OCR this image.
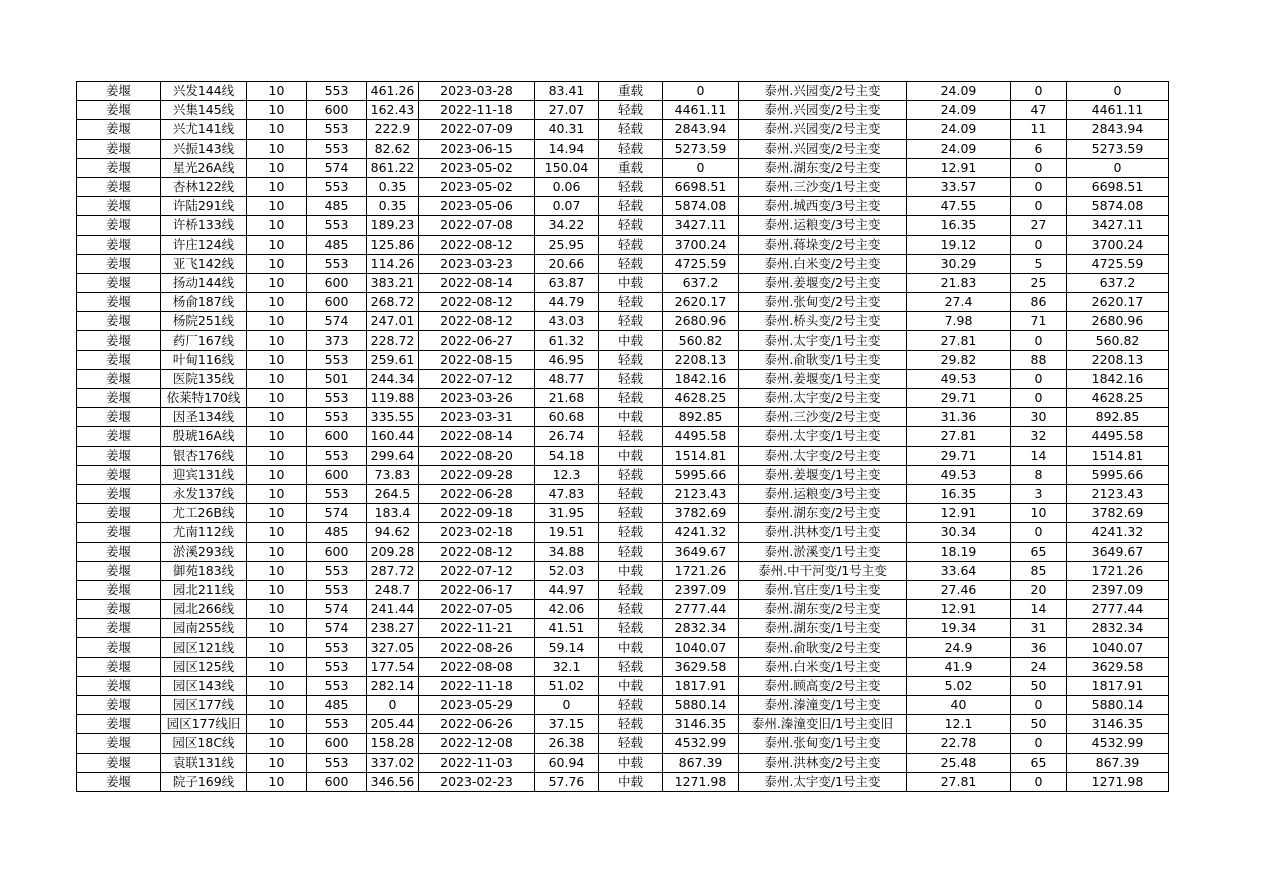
姜堰	兴发144线	10	553	461.26	2023-03-28	83.41	重载	0	泰州.兴园变/2号主变	24.09	0	0
姜堰	兴集145线	10	600	162.43	2022-11-18	27.07	轻载	4461.11	泰州.兴园变/2号主变	24.09	47	4461.11
姜堰	兴尤141线	10	553	222.9	2022-07-09	40.31	轻载	2843.94	泰州.兴园变/2号主变	24.09	11	2843.94
姜堰	兴振143线	10	553	82.62	2023-06-15	14.94	轻载	5273.59	泰州.兴园变/2号主变	24.09	6	5273.59
姜堰	星光26A线	10	574	861.22	2023-05-02	150.04	重载	0	泰州.湖东变/2号主变	12.91	0	0
姜堰	杏林122线	10	553	0.35	2023-05-02	0.06	轻载	6698.51	泰州.三沙变/1号主变	33.57	0	6698.51
姜堰	许陆291线	10	485	0.35	2023-05-06	0.07	轻载	5874.08	泰州.城西变/3号主变	47.55	0	5874.08
姜堰	许桥133线	10	553	189.23	2022-07-08	34.22	轻载	3427.11	泰州.运粮变/3号主变	16.35	27	3427.11
姜堰	许庄124线	10	485	125.86	2022-08-12	25.95	轻载	3700.24	泰州.蒋垛变/2号主变	19.12	0	3700.24
姜堰	亚飞142线	10	553	114.26	2023-03-23	20.66	轻载	4725.59	泰州.白米变/2号主变	30.29	5	4725.59
姜堰	扬动144线	10	600	383.21	2022-08-14	63.87	中载	637.2	泰州.姜堰变/2号主变	21.83	25	637.2
姜堰	杨俞187线	10	600	268.72	2022-08-12	44.79	轻载	2620.17	泰州.张甸变/2号主变	27.4	86	2620.17
姜堰	杨院251线	10	574	247.01	2022-08-12	43.03	轻载	2680.96	泰州.桥头变/2号主变	7.98	71	2680.96
姜堰	药厂167线	10	373	228.72	2022-06-27	61.32	中载	560.82	泰州.太宇变/1号主变	27.81	0	560.82
姜堰	叶甸116线	10	553	259.61	2022-08-15	46.95	轻载	2208.13	泰州.俞耿变/1号主变	29.82	88	2208.13
姜堰	医院135线	10	501	244.34	2022-07-12	48.77	轻载	1842.16	泰州.姜堰变/1号主变	49.53	0	1842.16
姜堰	依莱特170线	10	553	119.88	2023-03-26	21.68	轻载	4628.25	泰州.太宇变/2号主变	29.71	0	4628.25
姜堰	因圣134线	10	553	335.55	2023-03-31	60.68	中载	892.85	泰州.三沙变/2号主变	31.36	30	892.85
姜堰	殷琥16A线	10	600	160.44	2022-08-14	26.74	轻载	4495.58	泰州.太宇变/1号主变	27.81	32	4495.58
姜堰	银杏176线	10	553	299.64	2022-08-20	54.18	中载	1514.81	泰州.太宇变/2号主变	29.71	14	1514.81
姜堰	迎宾131线	10	600	73.83	2022-09-28	12.3	轻载	5995.66	泰州.姜堰变/1号主变	49.53	8	5995.66
姜堰	永发137线	10	553	264.5	2022-06-28	47.83	轻载	2123.43	泰州.运粮变/3号主变	16.35	3	2123.43
姜堰	尤工26B线	10	574	183.4	2022-09-18	31.95	轻载	3782.69	泰州.湖东变/2号主变	12.91	10	3782.69
姜堰	尤南112线	10	485	94.62	2023-02-18	19.51	轻载	4241.32	泰州.洪林变/1号主变	30.34	0	4241.32
姜堰	淤溪293线	10	600	209.28	2022-08-12	34.88	轻载	3649.67	泰州.淤溪变/1号主变	18.19	65	3649.67
姜堰	御苑183线	10	553	287.72	2022-07-12	52.03	中载	1721.26	泰州.中干河变/1号主变	33.64	85	1721.26
姜堰	园北211线	10	553	248.7	2022-06-17	44.97	轻载	2397.09	泰州.官庄变/1号主变	27.46	20	2397.09
姜堰	园北266线	10	574	241.44	2022-07-05	42.06	轻载	2777.44	泰州.湖东变/2号主变	12.91	14	2777.44
姜堰	园南255线	10	574	238.27	2022-11-21	41.51	轻载	2832.34	泰州.湖东变/1号主变	19.34	31	2832.34
姜堰	园区121线	10	553	327.05	2022-08-26	59.14	中载	1040.07	泰州.俞耿变/2号主变	24.9	36	1040.07
姜堰	园区125线	10	553	177.54	2022-08-08	32.1	轻载	3629.58	泰州.白米变/1号主变	41.9	24	3629.58
姜堰	园区143线	10	553	282.14	2022-11-18	51.02	中载	1817.91	泰州.顾高变/2号主变	5.02	50	1817.91
姜堰	园区177线	10	485	0	2023-05-29	0	轻载	5880.14	泰州.溱潼变/1号主变	40	0	5880.14
姜堰	园区177线旧	10	553	205.44	2022-06-26	37.15	轻载	3146.35	泰州.溱潼变旧/1号主变旧	12.1	50	3146.35
姜堰	园区18C线	10	600	158.28	2022-12-08	26.38	轻载	4532.99	泰州.张甸变/1号主变	22.78	0	4532.99
姜堰	袁联131线	10	553	337.02	2022-11-03	60.94	中载	867.39	泰州.洪林变/2号主变	25.48	65	867.39
姜堰	院子169线	10	600	346.56	2023-02-23	57.76	中载	1271.98	泰州.太宇变/1号主变	27.81	0	1271.98
